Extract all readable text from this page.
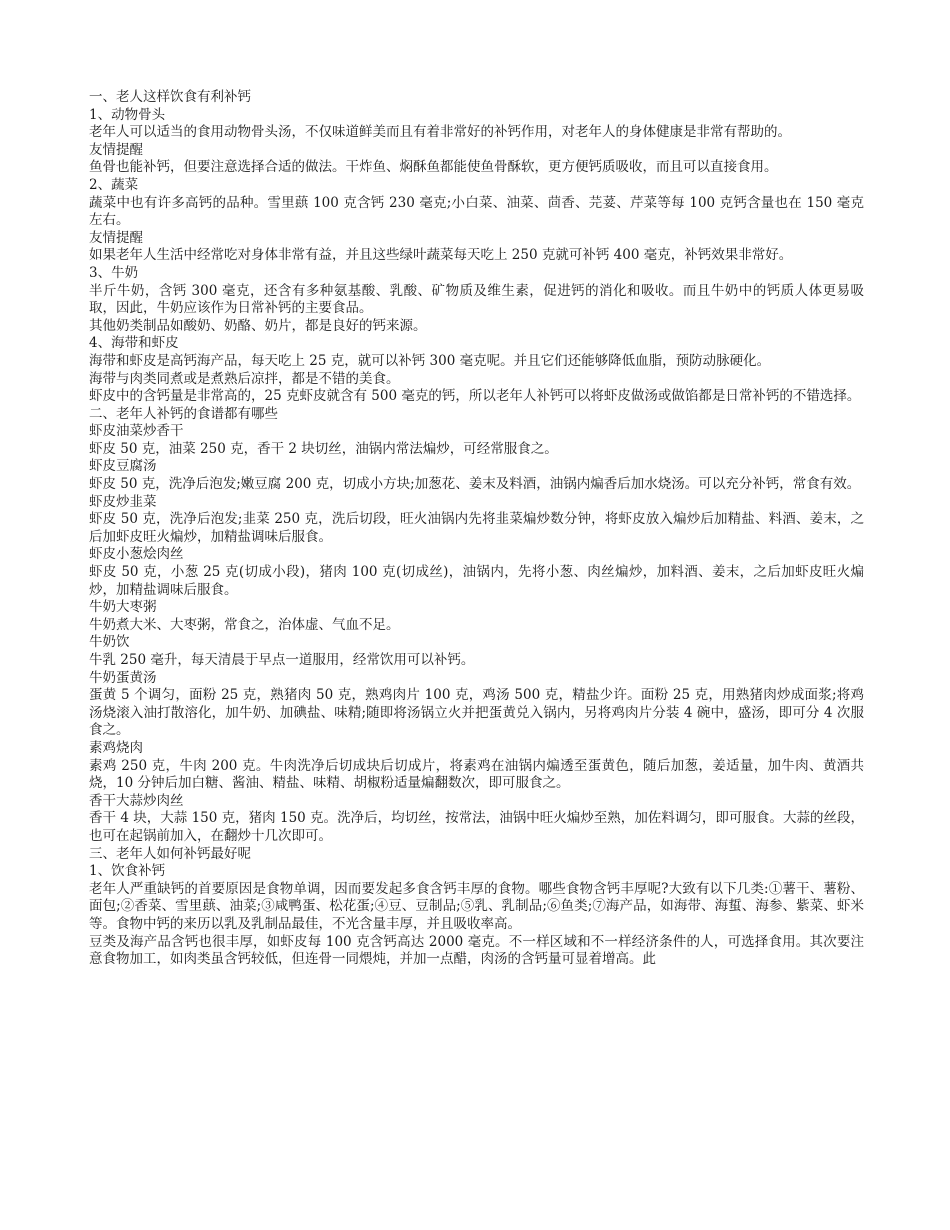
一、老人这样饮食有利补钙

1、动物骨头

老年人可以适当的食用动物骨头汤，不仅味道鲜美而且有着非常好的补钙作用，对老年人的身体健康是非常有帮助的。

友情提醒

鱼骨也能补钙，但要注意选择合适的做法。干炸鱼、焖酥鱼都能使鱼骨酥软，更方便钙质吸收，而且可以直接食用。

2、蔬菜

蔬菜中也有许多高钙的品种。雪里蕻 100 克含钙 230 毫克;小白菜、油菜、茴香、芫荽、芹菜等每 100 克钙含量也在 150 毫克左右。

友情提醒

如果老年人生活中经常吃对身体非常有益，并且这些绿叶蔬菜每天吃上 250 克就可补钙 400 毫克，补钙效果非常好。

3、牛奶

半斤牛奶，含钙 300 毫克，还含有多种氨基酸、乳酸、矿物质及维生素，促进钙的消化和吸收。而且牛奶中的钙质人体更易吸取，因此，牛奶应该作为日常补钙的主要食品。

其他奶类制品如酸奶、奶酪、奶片，都是良好的钙来源。

4、海带和虾皮

海带和虾皮是高钙海产品，每天吃上 25 克，就可以补钙 300 毫克呢。并且它们还能够降低血脂，预防动脉硬化。

海带与肉类同煮或是煮熟后凉拌，都是不错的美食。

虾皮中的含钙量是非常高的，25 克虾皮就含有 500 毫克的钙，所以老年人补钙可以将虾皮做汤或做馅都是日常补钙的不错选择。

二、老年人补钙的食谱都有哪些

虾皮油菜炒香干

虾皮 50 克，油菜 250 克，香干 2 块切丝，油锅内常法煸炒，可经常服食之。

虾皮豆腐汤

虾皮 50 克，洗净后泡发;嫩豆腐 200 克，切成小方块;加葱花、姜末及料酒，油锅内煸香后加水烧汤。可以充分补钙，常食有效。

虾皮炒韭菜

虾皮 50 克，洗净后泡发;韭菜 250 克，洗后切段，旺火油锅内先将韭菜煸炒数分钟，将虾皮放入煸炒后加精盐、料酒、姜末，之后加虾皮旺火煸炒，加精盐调味后服食。

虾皮小葱烩肉丝

虾皮 50 克，小葱 25 克(切成小段)，猪肉 100 克(切成丝)，油锅内，先将小葱、肉丝煸炒，加料酒、姜末，之后加虾皮旺火煸炒，加精盐调味后服食。

牛奶大枣粥

牛奶煮大米、大枣粥，常食之，治体虚、气血不足。

牛奶饮

牛乳 250 毫升，每天清晨于早点一道服用，经常饮用可以补钙。

牛奶蛋黄汤

蛋黄 5 个调匀，面粉 25 克，熟猪肉 50 克，熟鸡肉片 100 克，鸡汤 500 克，精盐少许。面粉 25 克，用熟猪肉炒成面浆;将鸡汤烧滚入油打散溶化，加牛奶、加碘盐、味精;随即将汤锅立火并把蛋黄兑入锅内，另将鸡肉片分装 4 碗中，盛汤，即可分 4 次服食之。

素鸡烧肉

素鸡 250 克，牛肉 200 克。牛肉洗净后切成块后切成片，将素鸡在油锅内煸透至蛋黄色，随后加葱，姜适量，加牛肉、黄酒共烧，10 分钟后加白糖、酱油、精盐、味精、胡椒粉适量煸翻数次，即可服食之。

香干大蒜炒肉丝

香干 4 块，大蒜 150 克，猪肉 150 克。洗净后，均切丝，按常法，油锅中旺火煸炒至熟，加佐料调匀，即可服食。大蒜的丝段，也可在起锅前加入，在翻炒十几次即可。

三、老年人如何补钙最好呢

1、饮食补钙

老年人严重缺钙的首要原因是食物单调，因而要发起多食含钙丰厚的食物。哪些食物含钙丰厚呢?大致有以下几类:①薯干、薯粉、面包;②香菜、雪里蕻、油菜;③咸鸭蛋、松花蛋;④豆、豆制品;⑤乳、乳制品;⑥鱼类;⑦海产品，如海带、海蜇、海参、紫菜、虾米等。食物中钙的来历以乳及乳制品最佳，不光含量丰厚，并且吸收率高。

豆类及海产品含钙也很丰厚，如虾皮每 100 克含钙高达 2000 毫克。不一样区域和不一样经济条件的人，可选择食用。其次要注意食物加工，如肉类虽含钙较低，但连骨一同煨炖，并加一点醋，肉汤的含钙量可显着增高。此
